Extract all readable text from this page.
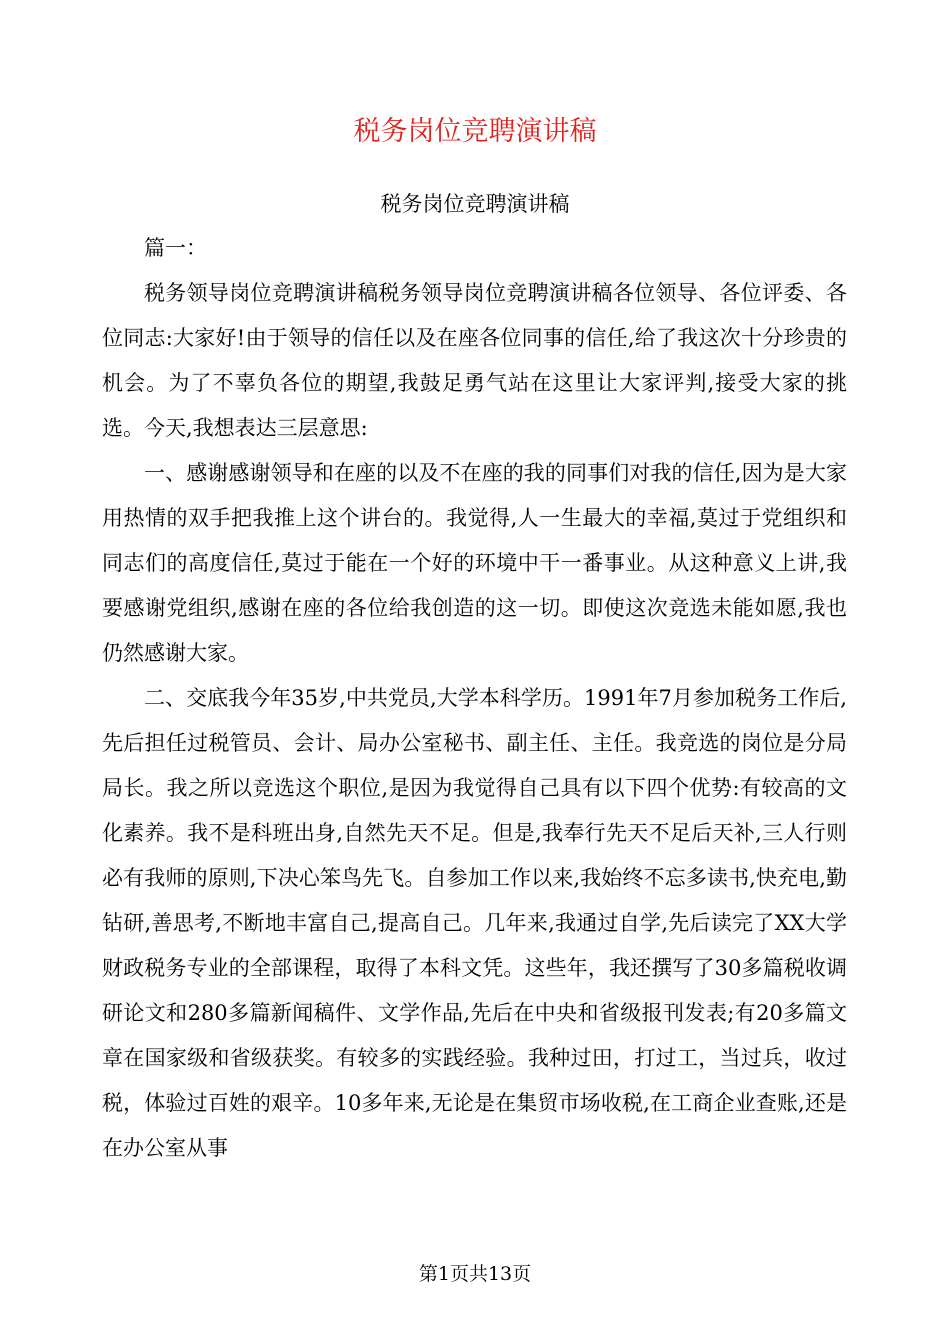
税务岗位竞聘演讲稿
税务岗位竞聘演讲稿

篇一：

税务领导岗位竞聘演讲稿税务领导岗位竞聘演讲稿各位领导、各位评委、各位同志:大家好!由于领导的信任以及在座各位同事的信任,给了我这次十分珍贵的机会。为了不辜负各位的期望,我鼓足勇气站在这里让大家评判,接受大家的挑选。今天,我想表达三层意思:

一、感谢感谢领导和在座的以及不在座的我的同事们对我的信任,因为是大家用热情的双手把我推上这个讲台的。我觉得,人一生最大的幸福,莫过于党组织和同志们的高度信任,莫过于能在一个好的环境中干一番事业。从这种意义上讲,我要感谢党组织,感谢在座的各位给我创造的这一切。即使这次竞选未能如愿,我也仍然感谢大家。

二、交底我今年35岁,中共党员,大学本科学历。1991年7月参加税务工作后,先后担任过税管员、会计、局办公室秘书、副主任、主任。我竞选的岗位是分局局长。我之所以竞选这个职位,是因为我觉得自己具有以下四个优势:有较高的文化素养。我不是科班出身,自然先天不足。但是,我奉行先天不足后天补,三人行则必有我师的原则,下决心笨鸟先飞。自参加工作以来,我始终不忘多读书,快充电,勤钻研,善思考,不断地丰富自己,提高自己。几年来,我通过自学,先后读完了XX大学财政税务专业的全部课程，取得了本科文凭。这些年，我还撰写了30多篇税收调研论文和280多篇新闻稿件、文学作品,先后在中央和省级报刊发表;有20多篇文章在国家级和省级获奖。有较多的实践经验。我种过田，打过工，当过兵，收过税，体验过百姓的艰辛。10多年来,无论是在集贸市场收税,在工商企业查账,还是在办公室从事

第1页共13页
